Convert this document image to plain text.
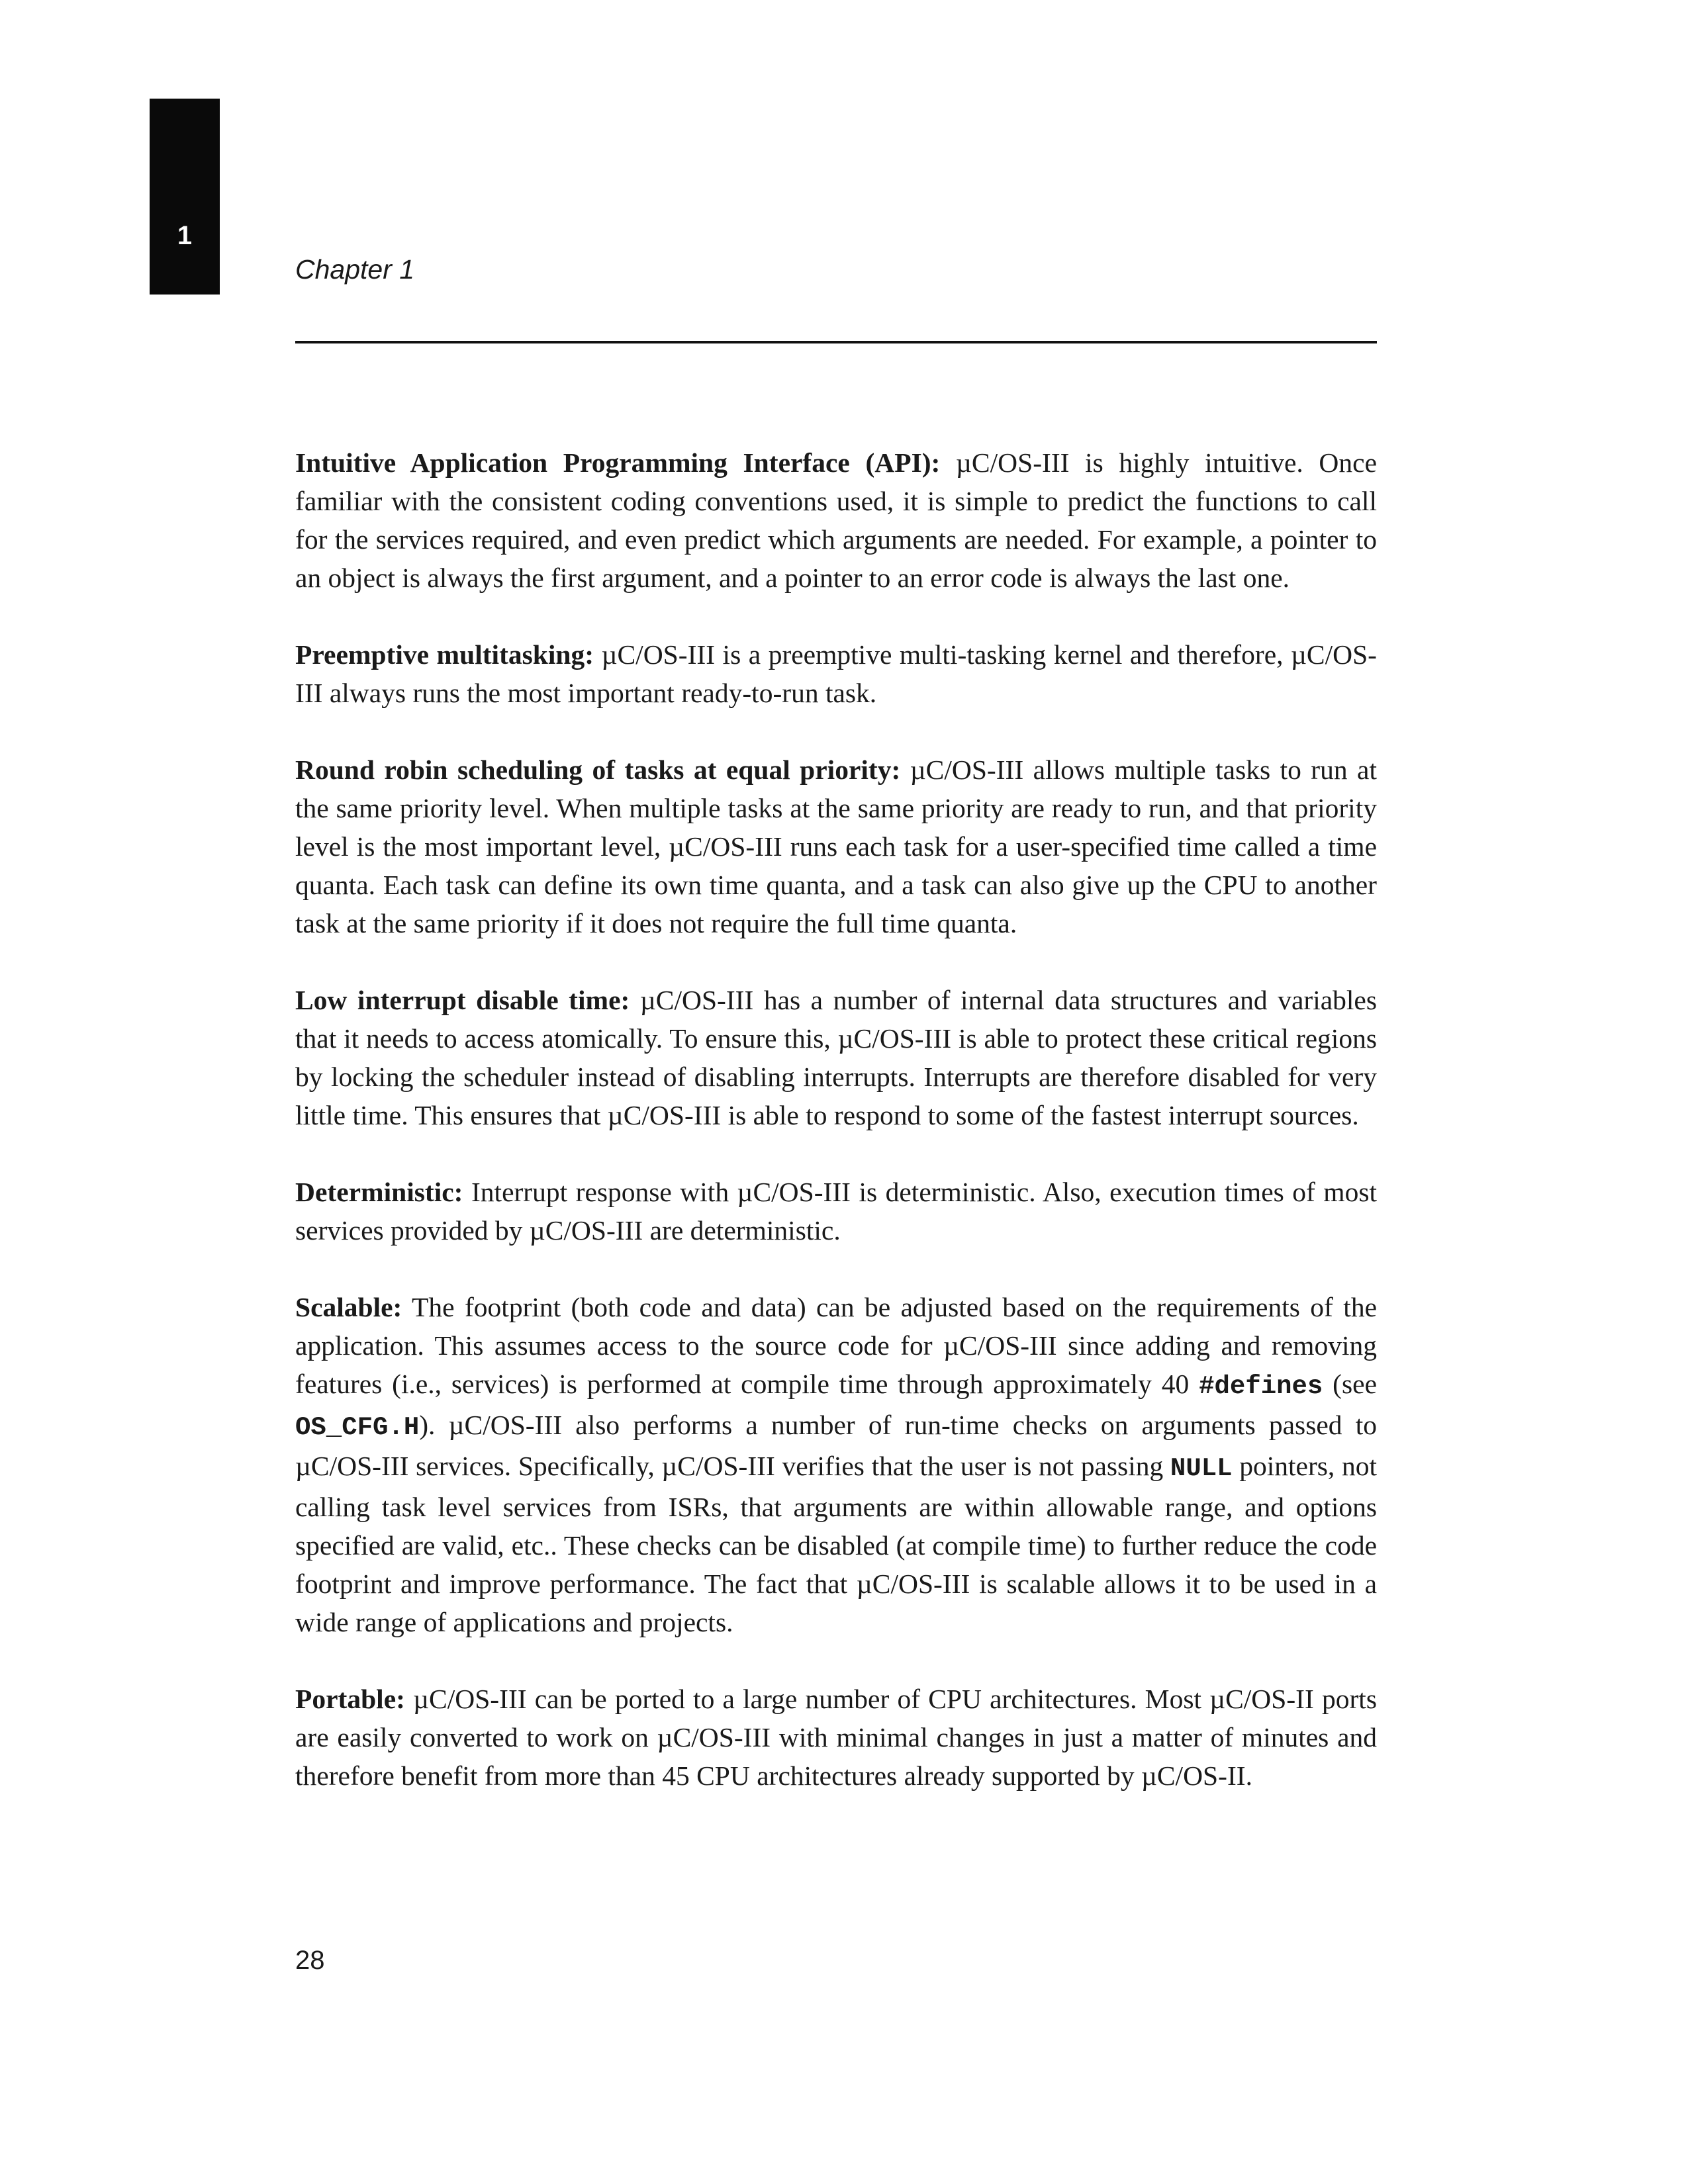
1
Chapter 1

Intuitive Application Programming Interface (API): µC/OS-III is highly intuitive. Once familiar with the consistent coding conventions used, it is simple to predict the functions to call for the services required, and even predict which arguments are needed. For example, a pointer to an object is always the first argument, and a pointer to an error code is always the last one.

Preemptive multitasking: µC/OS-III is a preemptive multi-tasking kernel and therefore, µC/OS-III always runs the most important ready-to-run task.

Round robin scheduling of tasks at equal priority: µC/OS-III allows multiple tasks to run at the same priority level. When multiple tasks at the same priority are ready to run, and that priority level is the most important level, µC/OS-III runs each task for a user-specified time called a time quanta. Each task can define its own time quanta, and a task can also give up the CPU to another task at the same priority if it does not require the full time quanta.

Low interrupt disable time: µC/OS-III has a number of internal data structures and variables that it needs to access atomically. To ensure this, µC/OS-III is able to protect these critical regions by locking the scheduler instead of disabling interrupts. Interrupts are therefore disabled for very little time. This ensures that µC/OS-III is able to respond to some of the fastest interrupt sources.

Deterministic: Interrupt response with µC/OS-III is deterministic. Also, execution times of most services provided by µC/OS-III are deterministic.

Scalable: The footprint (both code and data) can be adjusted based on the requirements of the application. This assumes access to the source code for µC/OS-III since adding and removing features (i.e., services) is performed at compile time through approximately 40 #defines (see OS_CFG.H). µC/OS-III also performs a number of run-time checks on arguments passed to µC/OS-III services. Specifically, µC/OS-III verifies that the user is not passing NULL pointers, not calling task level services from ISRs, that arguments are within allowable range, and options specified are valid, etc.. These checks can be disabled (at compile time) to further reduce the code footprint and improve performance. The fact that µC/OS-III is scalable allows it to be used in a wide range of applications and projects.

Portable: µC/OS-III can be ported to a large number of CPU architectures. Most µC/OS-II ports are easily converted to work on µC/OS-III with minimal changes in just a matter of minutes and therefore benefit from more than 45 CPU architectures already supported by µC/OS-II.

28
